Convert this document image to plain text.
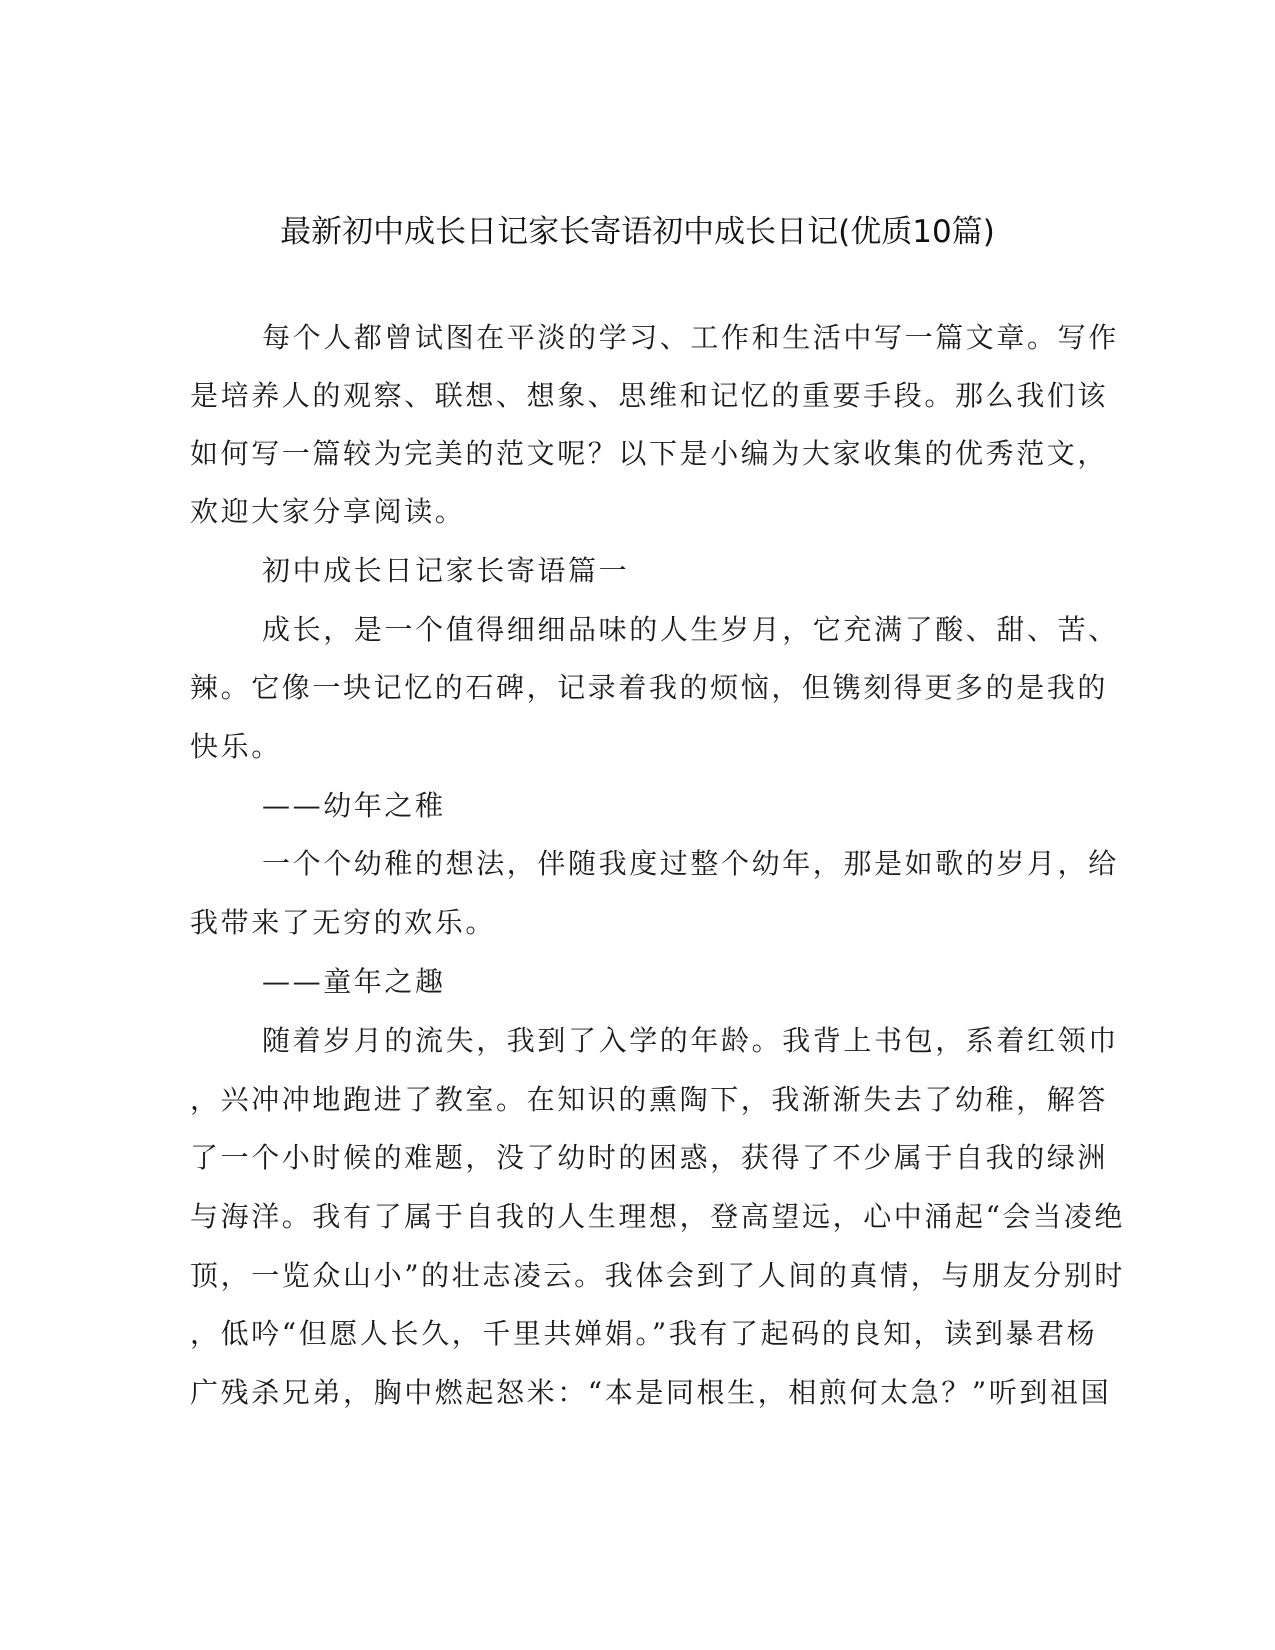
最新初中成长日记家长寄语初中成长日记(优质10篇)
每个人都曾试图在平淡的学习、工作和生活中写一篇文章。写作
是培养人的观察、联想、想象、思维和记忆的重要手段。那么我们该
如何写一篇较为完美的范文呢？以下是小编为大家收集的优秀范文，
欢迎大家分享阅读。
初中成长日记家长寄语篇一
成长，是一个值得细细品味的人生岁月，它充满了酸、甜、苦、
辣。它像一块记忆的石碑，记录着我的烦恼，但镌刻得更多的是我的
快乐。
——幼年之稚
一个个幼稚的想法，伴随我度过整个幼年，那是如歌的岁月，给
我带来了无穷的欢乐。
——童年之趣
随着岁月的流失，我到了入学的年龄。我背上书包，系着红领巾
，兴冲冲地跑进了教室。在知识的熏陶下，我渐渐失去了幼稚，解答
了一个小时候的难题，没了幼时的困惑，获得了不少属于自我的绿洲
与海洋。我有了属于自我的人生理想，登高望远，心中涌起“会当凌绝
顶，一览众山小”的壮志凌云。我体会到了人间的真情，与朋友分别时
，低吟“但愿人长久，千里共婵娟。”我有了起码的良知，读到暴君杨
广残杀兄弟，胸中燃起怒米：“本是同根生，相煎何太急？”听到祖国
